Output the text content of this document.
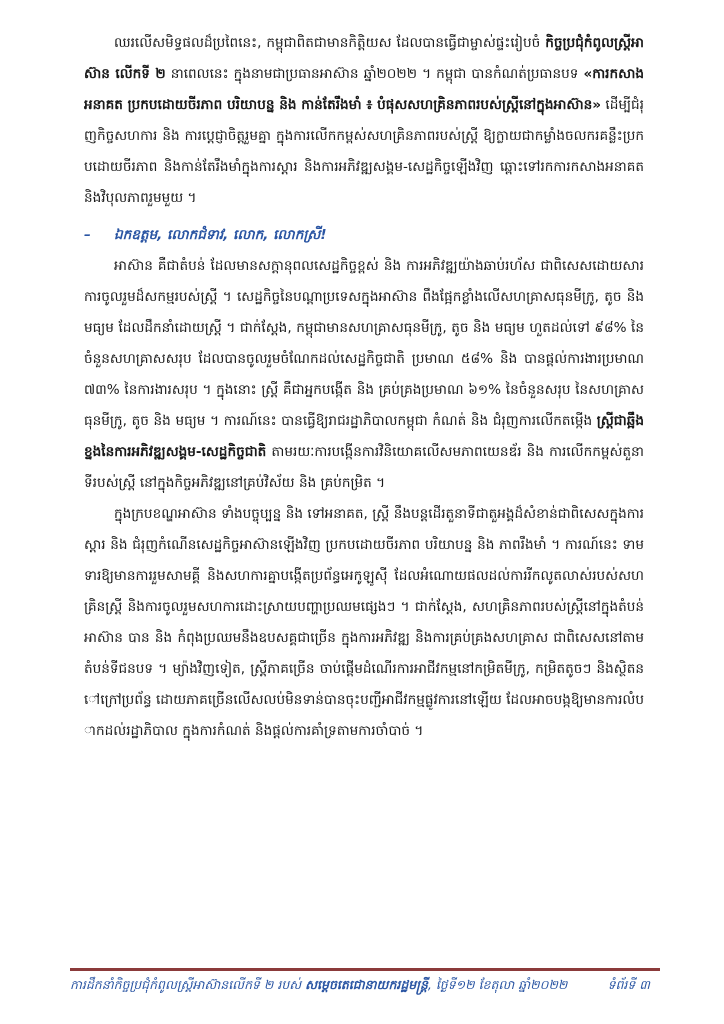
ឈរលើសមិទ្ធផលដ៏ប្រពៃនេះ, កម្ពុជាពិតជាមានកិត្តិយស ដែលបានធ្វើជាម្ចាស់ផ្ទះរៀបចំ កិច្ចប្រជុំកំពូលស្ត្រីអាស៊ាន លើកទី ២ នាពេលនេះ ក្នុងនាមជាប្រធានអាស៊ាន ឆ្នាំ២០២២ ។ កម្ពុជា បានកំណត់ប្រធានបទ «ការកសាងអនាគត ប្រកបដោយចីរភាព បរិយាបន្ន និង កាន់តែរឹងមាំ ៖ បំផុសសហគ្រិនភាពរបស់ស្ត្រីនៅក្នុងអាស៊ាន» ដើម្បីជំរុញកិច្ចសហការ និង ការប្តេជ្ញាចិត្តរួមគ្នា ក្នុងការលើកកម្ពស់សហគ្រិនភាពរបស់ស្ត្រី ឱ្យក្លាយជាកម្លាំងចលករគន្លឹះប្រកបដោយចីរភាព និងកាន់តែរឹងមាំក្នុងការស្តារ និងការអភិវឌ្ឍសង្គម-សេដ្ឋកិច្ចឡើងវិញ ឆ្ពោះទៅរកការកសាងអនាគត និងវិបុលភាពរួមមួយ ។

– ឯកឧត្តម, លោកជំទាវ, លោក, លោកស្រី!

អាស៊ាន គឺជាតំបន់ ដែលមានសក្តានុពលសេដ្ឋកិច្ចខ្ពស់ និង ការអភិវឌ្ឍយ៉ាងឆាប់រហ័ស ជាពិសេសដោយសារការចូលរួមដ៏សកម្មរបស់ស្ត្រី ។ សេដ្ឋកិច្ចនៃបណ្តាប្រទេសក្នុងអាស៊ាន ពឹងផ្អែកខ្លាំងលើសហគ្រាសធុនមីក្រូ, តូច និង មធ្យម ដែលដឹកនាំដោយស្ត្រី ។ ជាក់ស្តែង, កម្ពុជាមានសហគ្រាសធុនមីក្រូ, តូច និង មធ្យម ហួតដល់ទៅ ៩៨% នៃចំនួនសហគ្រាសសរុប ដែលបានចូលរួមចំណែកដល់សេដ្ឋកិច្ចជាតិ ប្រមាណ ៥៨% និង បានផ្តល់ការងារប្រមាណ ៧៣% នៃការងារសរុប ។ ក្នុងនោះ ស្ត្រី គឺជាអ្នកបង្កើត និង គ្រប់គ្រងប្រមាណ ៦១% នៃចំនួនសរុប នៃសហគ្រាសធុនមីក្រូ, តូច និង មធ្យម ។ ការណ៍នេះ បានធ្វើឱ្យរាជរដ្ឋាភិបាលកម្ពុជា កំណត់ និង ជំរុញការលើកតម្កើង ស្ត្រីជាឆ្អឹងខ្នងនៃការអភិវឌ្ឍសង្គម-សេដ្ឋកិច្ចជាតិ តាមរយៈការបង្កើនការវិនិយោគលើសមភាពយេនឌ័រ និង ការលើកកម្ពស់តួនាទីរបស់ស្ត្រី នៅក្នុងកិច្ចអភិវឌ្ឍនៅគ្រប់វិស័យ និង គ្រប់កម្រិត ។

ក្នុងក្របខណ្ឌអាស៊ាន ទាំងបច្ចុប្បន្ន និង ទៅអនាគត, ស្ត្រី នឹងបន្តដើរតួនាទីជាតួអង្គដ៏សំខាន់ជាពិសេសក្នុងការស្តារ និង ជំរុញកំណើនសេដ្ឋកិច្ចអាស៊ានឡើងវិញ ប្រកបដោយចីរភាព បរិយាបន្ន និង ភាពរឹងមាំ ។ ការណ៍នេះ ទាមទារឱ្យមានការរួមសាមគ្គី និងសហការគ្នាបង្កើតប្រព័ន្ធអេកូឡូស៊ី ដែលអំណោយផលដល់ការរីកលូតលាស់របស់សហគ្រិនស្ត្រី និងការចូលរួមសហការដោះស្រាយបញ្ហាប្រឈមផ្សេងៗ ។ ជាក់ស្តែង, សហគ្រិនភាពរបស់ស្ត្រីនៅក្នុងតំបន់អាស៊ាន បាន និង កំពុងប្រឈមនឹងឧបសគ្គជាច្រើន ក្នុងការអភិវឌ្ឍ និងការគ្រប់គ្រងសហគ្រាស ជាពិសេសនៅតាមតំបន់ទីជនបទ ។ ម្យ៉ាងវិញទៀត, ស្ត្រីភាគច្រើន ចាប់ផ្តើមដំណើរការអាជីវកម្មនៅកម្រិតមីក្រូ, កម្រិតតូចៗ និងស្ថិតនៅក្រៅប្រព័ន្ធ ដោយភាគច្រើនលើសលប់មិនទាន់បានចុះបញ្ជីអាជីវកម្មផ្លូវការនៅឡើយ ដែលអាចបង្កឱ្យមានការលំបាកដល់រដ្ឋាភិបាល ក្នុងការកំណត់ និងផ្តល់ការគាំទ្រតាមការចាំបាច់ ។

ការដឹកនាំកិច្ចប្រជុំកំពូលស្ត្រីអាស៊ានលើកទី ២ របស់ សម្តេចតេជោនាយករដ្ឋមន្ត្រី, ថ្ងៃទី១២ ខែតុលា ឆ្នាំ២០២២	ទំព័រទី ៣
